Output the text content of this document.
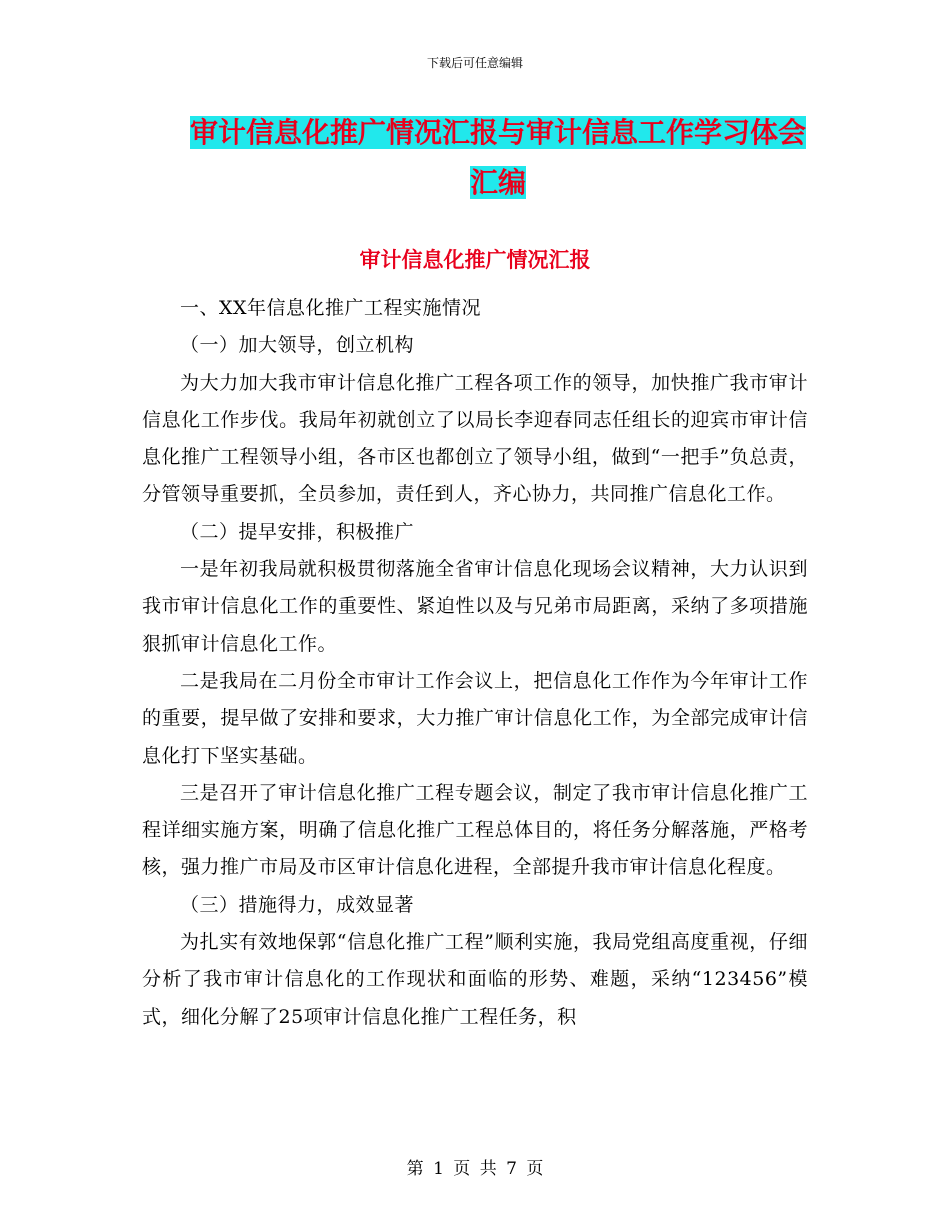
下载后可任意编辑
审计信息化推广情况汇报与审计信息工作学习体会汇编
审计信息化推广情况汇报

一、XX年信息化推广工程实施情况

（一）加大领导，创立机构

为大力加大我市审计信息化推广工程各项工作的领导，加快推广我市审计信息化工作步伐。我局年初就创立了以局长李迎春同志任组长的迎宾市审计信息化推广工程领导小组，各市区也都创立了领导小组，做到“一把手”负总责，分管领导重要抓，全员参加，责任到人，齐心协力，共同推广信息化工作。

（二）提早安排，积极推广

一是年初我局就积极贯彻落施全省审计信息化现场会议精神，大力认识到我市审计信息化工作的重要性、紧迫性以及与兄弟市局距离，采纳了多项措施狠抓审计信息化工作。

二是我局在二月份全市审计工作会议上，把信息化工作作为今年审计工作的重要，提早做了安排和要求，大力推广审计信息化工作，为全部完成审计信息化打下坚实基础。

三是召开了审计信息化推广工程专题会议，制定了我市审计信息化推广工程详细实施方案，明确了信息化推广工程总体目的，将任务分解落施，严格考核，强力推广市局及市区审计信息化进程，全部提升我市审计信息化程度。

（三）措施得力，成效显著

为扎实有效地保郭“信息化推广工程”顺利实施，我局党组高度重视，仔细分析了我市审计信息化的工作现状和面临的形势、难题，采纳“123456”模式，细化分解了25项审计信息化推广工程任务，积

第 1 页 共 7 页
